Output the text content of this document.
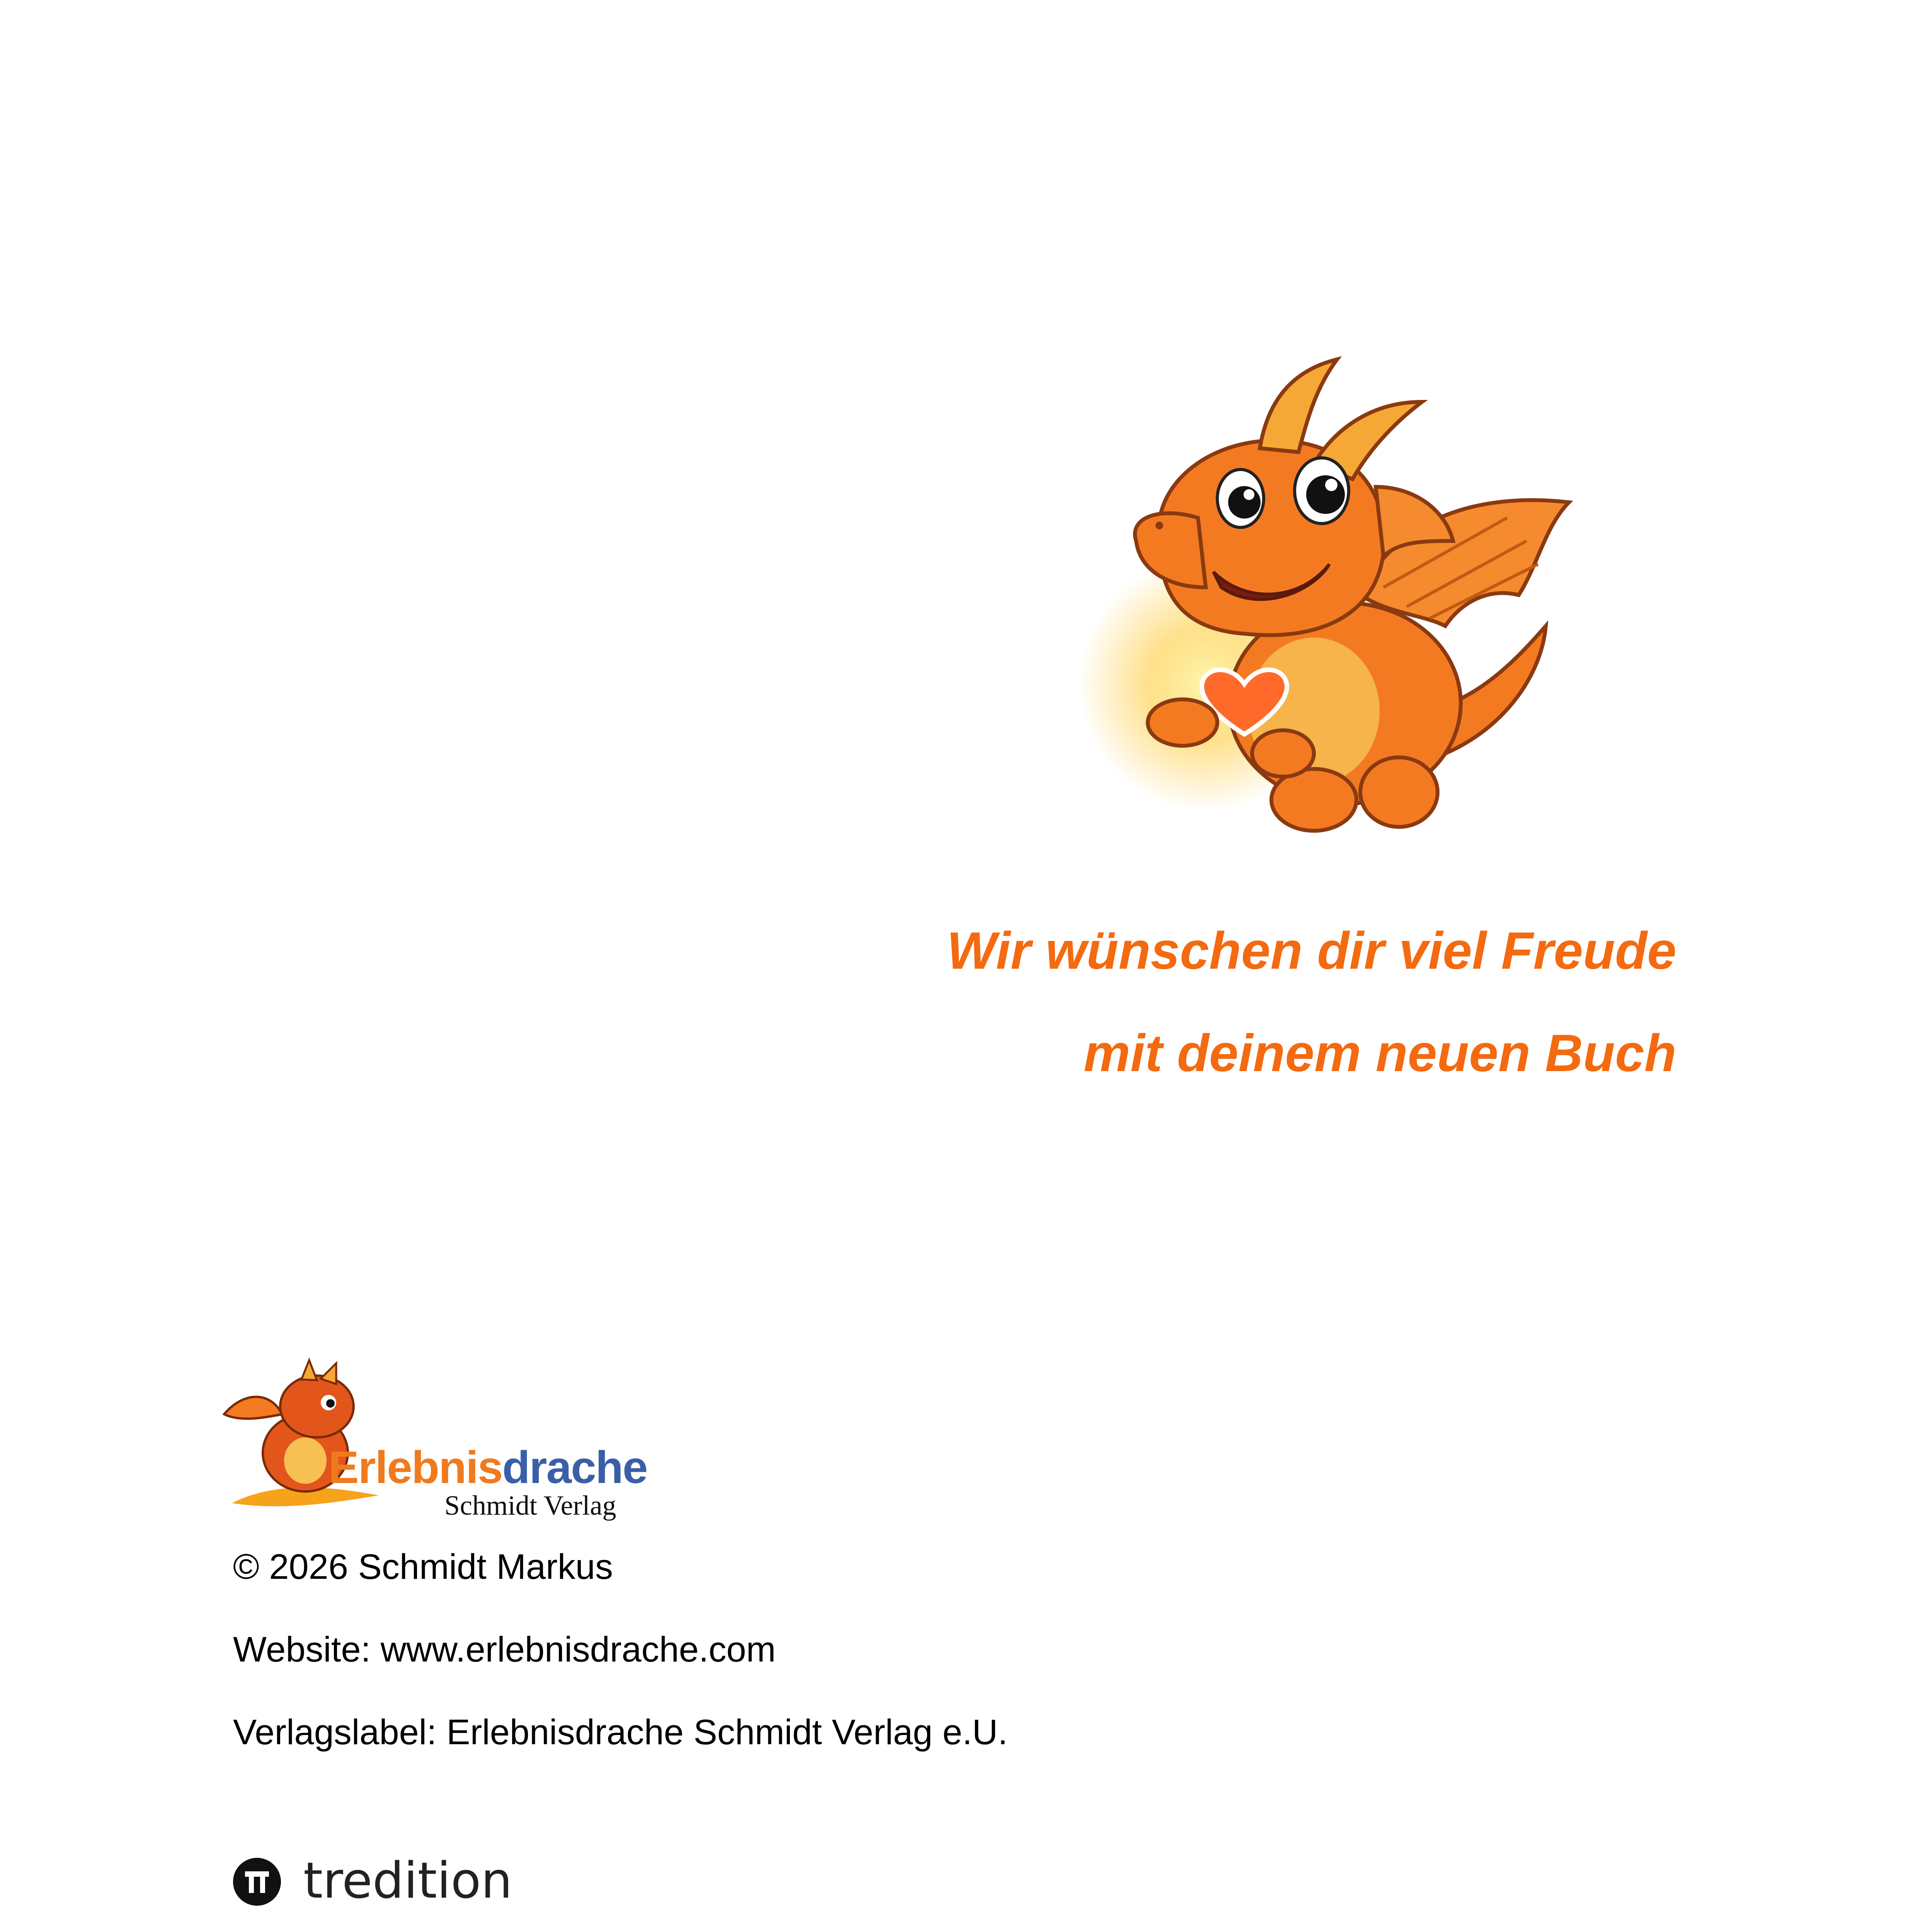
Wir wünschen dir viel Freude
mit deinem neuen Buch
Erlebnisdrache
Schmidt Verlag
© 2026 Schmidt Markus
Website: www.erlebnisdrache.com
Verlagslabel: Erlebnisdrache Schmidt Verlag e.U.
tredition
